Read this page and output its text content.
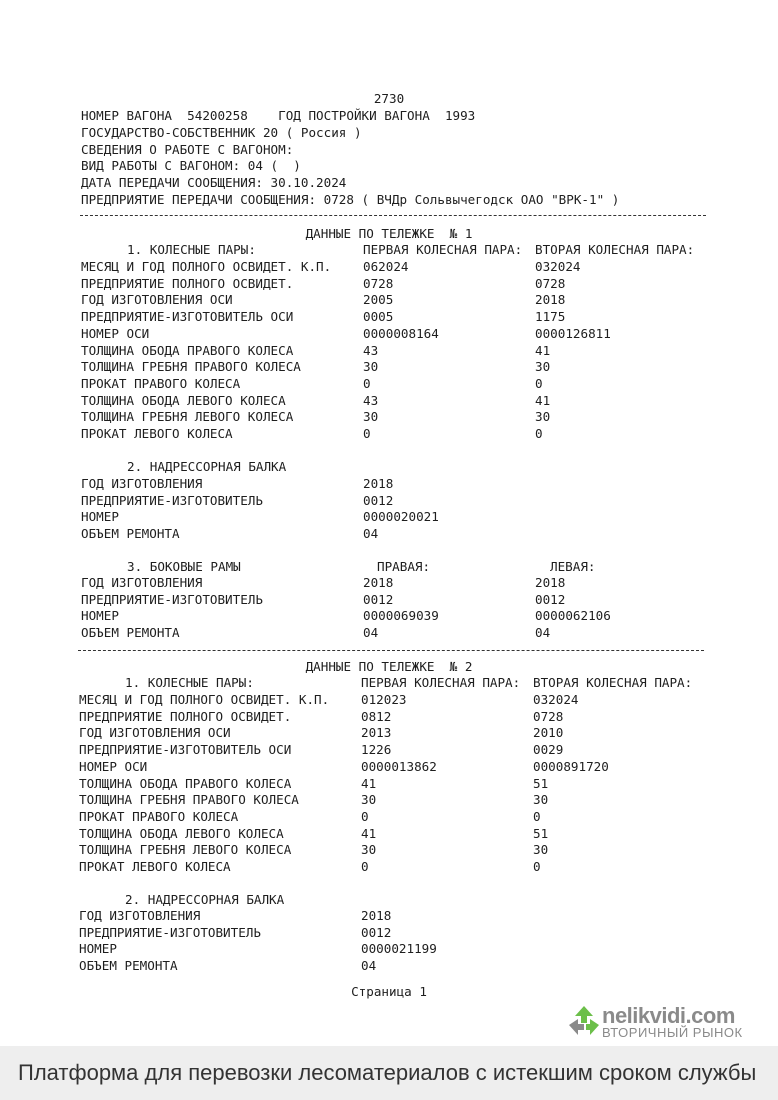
2730
НОМЕР ВАГОНА  54200258    ГОД ПОСТРОЙКИ ВАГОНА  1993
ГОСУДАРСТВО-СОБСТВЕННИК 20 ( Россия )
СВЕДЕНИЯ О РАБОТЕ С ВАГОНОМ:
ВИД РАБОТЫ С ВАГОНОМ: 04 (  )
ДАТА ПЕРЕДАЧИ СООБЩЕНИЯ: 30.10.2024
ПРЕДПРИЯТИЕ ПЕРЕДАЧИ СООБЩЕНИЯ: 0728 ( ВЧДр Сольвычегодск ОАО "ВРК-1" )
ДАННЫЕ ПО ТЕЛЕЖКЕ  № 1
1. КОЛЕСНЫЕ ПАРЫ:	ПЕРВАЯ КОЛЕСНАЯ ПАРА: ВТОРАЯ КОЛЕСНАЯ ПАРА:
МЕСЯЦ И ГОД ПОЛНОГО ОСВИДЕТ. К.П.	062024	032024
ПРЕДПРИЯТИЕ ПОЛНОГО ОСВИДЕТ.	0728	0728
ГОД ИЗГОТОВЛЕНИЯ ОСИ	2005	2018
ПРЕДПРИЯТИЕ-ИЗГОТОВИТЕЛЬ ОСИ	0005	1175
НОМЕР ОСИ	0000008164	0000126811
ТОЛЩИНА ОБОДА ПРАВОГО КОЛЕСА	43	41
ТОЛЩИНА ГРЕБНЯ ПРАВОГО КОЛЕСА	30	30
ПРОКАТ ПРАВОГО КОЛЕСА	0	0
ТОЛЩИНА ОБОДА ЛЕВОГО КОЛЕСА	43	41
ТОЛЩИНА ГРЕБНЯ ЛЕВОГО КОЛЕСА	30	30
ПРОКАТ ЛЕВОГО КОЛЕСА	0	0
2. НАДРЕССОРНАЯ БАЛКА
ГОД ИЗГОТОВЛЕНИЯ	2018
ПРЕДПРИЯТИЕ-ИЗГОТОВИТЕЛЬ	0012
НОМЕР	0000020021
ОБЪЕМ РЕМОНТА	04
3. БОКОВЫЕ РАМЫ	ПРАВАЯ:	ЛЕВАЯ:
ГОД ИЗГОТОВЛЕНИЯ	2018	2018
ПРЕДПРИЯТИЕ-ИЗГОТОВИТЕЛЬ	0012	0012
НОМЕР	0000069039	0000062106
ОБЪЕМ РЕМОНТА	04	04
ДАННЫЕ ПО ТЕЛЕЖКЕ  № 2
1. КОЛЕСНЫЕ ПАРЫ:	ПЕРВАЯ КОЛЕСНАЯ ПАРА: ВТОРАЯ КОЛЕСНАЯ ПАРА:
МЕСЯЦ И ГОД ПОЛНОГО ОСВИДЕТ. К.П.	012023	032024
ПРЕДПРИЯТИЕ ПОЛНОГО ОСВИДЕТ.	0812	0728
ГОД ИЗГОТОВЛЕНИЯ ОСИ	2013	2010
ПРЕДПРИЯТИЕ-ИЗГОТОВИТЕЛЬ ОСИ	1226	0029
НОМЕР ОСИ	0000013862	0000891720
ТОЛЩИНА ОБОДА ПРАВОГО КОЛЕСА	41	51
ТОЛЩИНА ГРЕБНЯ ПРАВОГО КОЛЕСА	30	30
ПРОКАТ ПРАВОГО КОЛЕСА	0	0
ТОЛЩИНА ОБОДА ЛЕВОГО КОЛЕСА	41	51
ТОЛЩИНА ГРЕБНЯ ЛЕВОГО КОЛЕСА	30	30
ПРОКАТ ЛЕВОГО КОЛЕСА	0	0
2. НАДРЕССОРНАЯ БАЛКА
ГОД ИЗГОТОВЛЕНИЯ	2018
ПРЕДПРИЯТИЕ-ИЗГОТОВИТЕЛЬ	0012
НОМЕР	0000021199
ОБЪЕМ РЕМОНТА	04
Страница 1
nelikvidi.com
ВТОРИЧНЫЙ РЫНОК
Платформа для перевозки лесоматериалов с истекшим сроком службы
